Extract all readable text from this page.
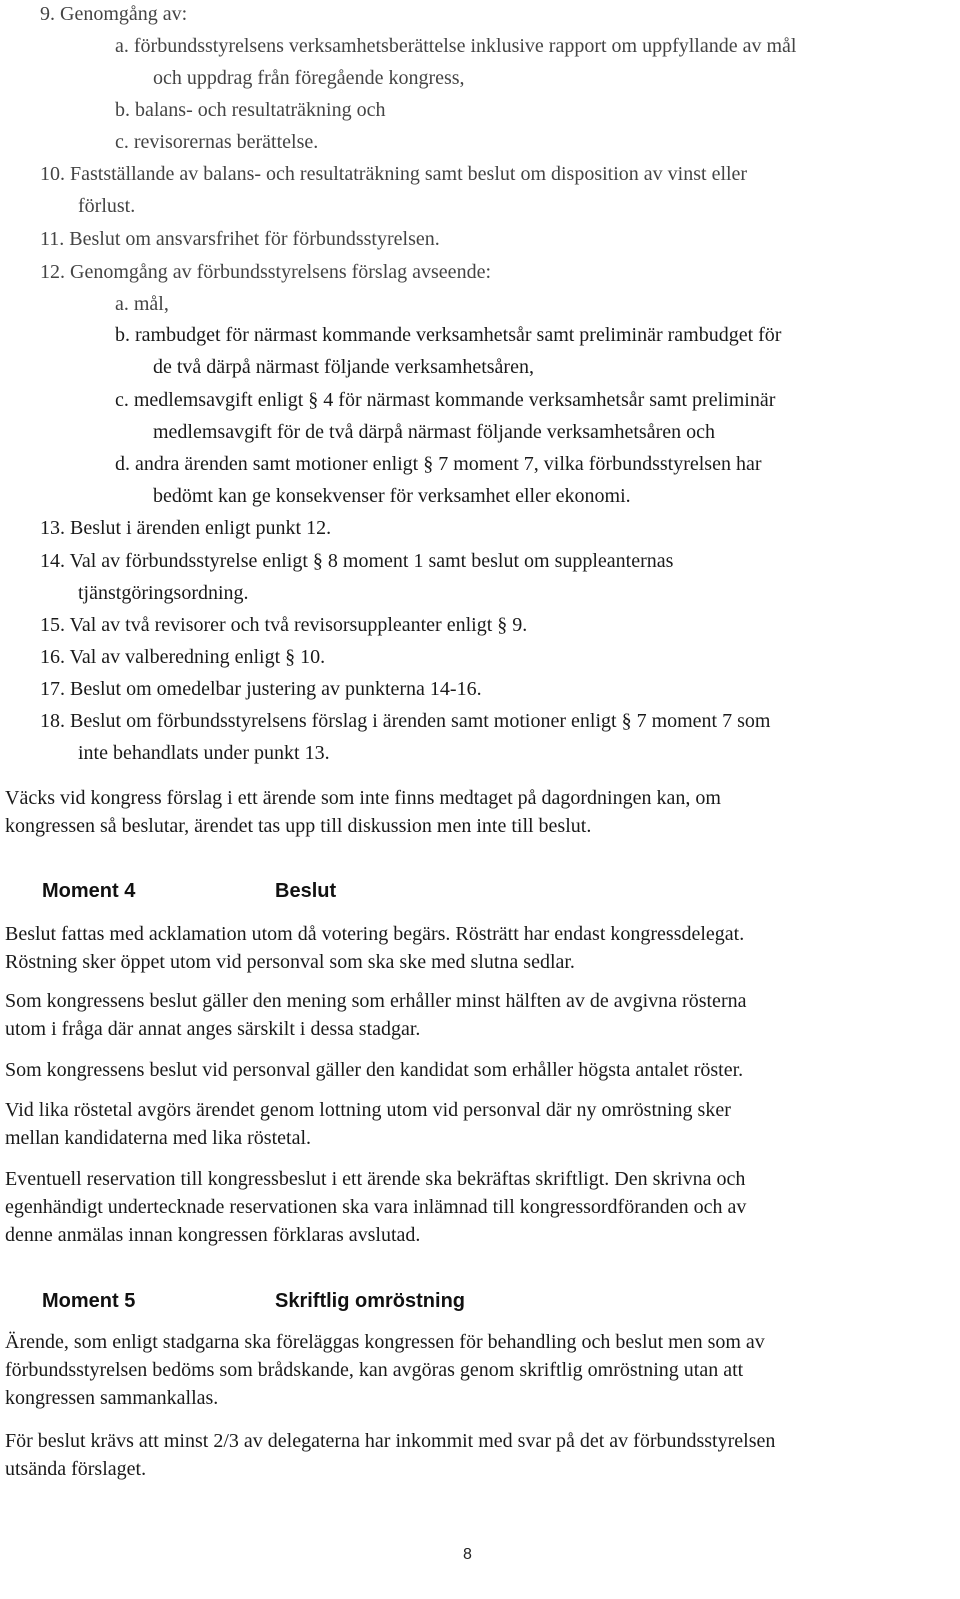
9. Genomgång av:
a. förbundsstyrelsens verksamhetsberättelse inklusive rapport om uppfyllande av mål
och uppdrag från föregående kongress,
b. balans- och resultaträkning och
c. revisorernas berättelse.
10. Fastställande av balans- och resultaträkning samt beslut om disposition av vinst eller
förlust.
11. Beslut om ansvarsfrihet för förbundsstyrelsen.
12. Genomgång av förbundsstyrelsens förslag avseende:
a. mål,
b. rambudget för närmast kommande verksamhetsår samt preliminär rambudget för
de två därpå närmast följande verksamhetsåren,
c. medlemsavgift enligt § 4 för närmast kommande verksamhetsår samt preliminär
medlemsavgift för de två därpå närmast följande verksamhetsåren och
d. andra ärenden samt motioner enligt § 7 moment 7, vilka förbundsstyrelsen har
bedömt kan ge konsekvenser för verksamhet eller ekonomi.
13. Beslut i ärenden enligt punkt 12.
14. Val av förbundsstyrelse enligt § 8 moment 1 samt beslut om suppleanternas
tjänstgöringsordning.
15. Val av två revisorer och två revisorsuppleanter enligt § 9.
16. Val av valberedning enligt § 10.
17. Beslut om omedelbar justering av punkterna 14-16.
18. Beslut om förbundsstyrelsens förslag i ärenden samt motioner enligt § 7 moment 7 som
inte behandlats under punkt 13.
Väcks vid kongress förslag i ett ärende som inte finns medtaget på dagordningen kan, om
kongressen så beslutar, ärendet tas upp till diskussion men inte till beslut.
Moment 4	Beslut
Beslut fattas med acklamation utom då votering begärs. Rösträtt har endast kongressdelegat.
Röstning sker öppet utom vid personval som ska ske med slutna sedlar.
Som kongressens beslut gäller den mening som erhåller minst hälften av de avgivna rösterna
utom i fråga där annat anges särskilt i dessa stadgar.
Som kongressens beslut vid personval gäller den kandidat som erhåller högsta antalet röster.
Vid lika röstetal avgörs ärendet genom lottning utom vid personval där ny omröstning sker
mellan kandidaterna med lika röstetal.
Eventuell reservation till kongressbeslut i ett ärende ska bekräftas skriftligt. Den skrivna och
egenhändigt undertecknade reservationen ska vara inlämnad till kongressordföranden och av
denne anmälas innan kongressen förklaras avslutad.
Moment 5	Skriftlig omröstning
Ärende, som enligt stadgarna ska föreläggas kongressen för behandling och beslut men som av
förbundsstyrelsen bedöms som brådskande, kan avgöras genom skriftlig omröstning utan att
kongressen sammankallas.
För beslut krävs att minst 2/3 av delegaterna har inkommit med svar på det av förbundsstyrelsen
utsända förslaget.
8
